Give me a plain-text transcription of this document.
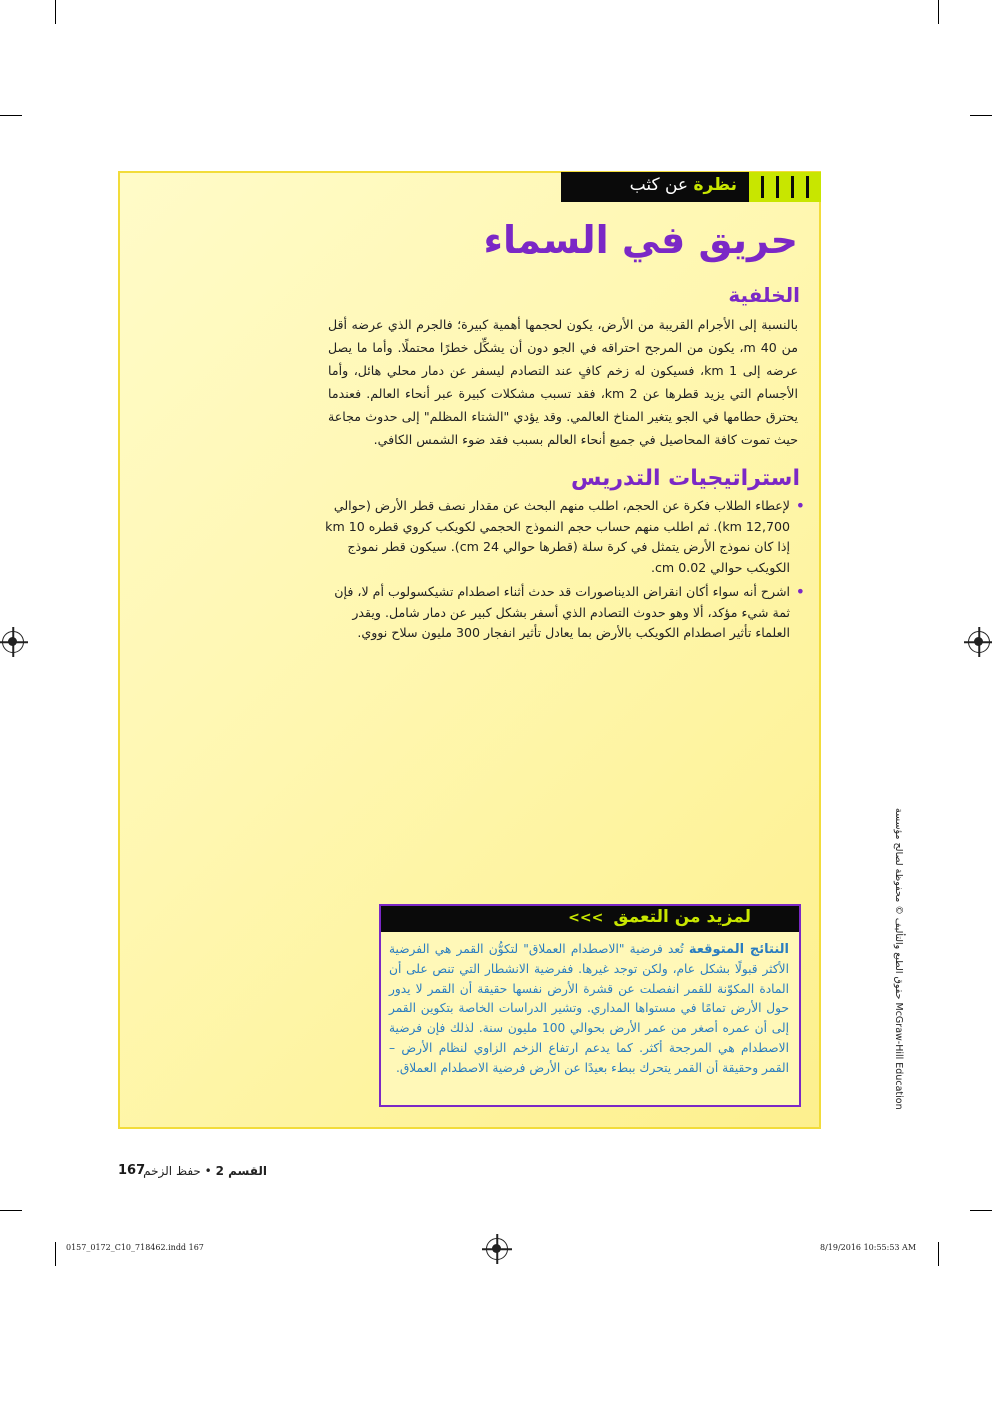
نظرة عن كثب
حريق في السماء
الخلفية
بالنسبة إلى الأجرام القريبة من الأرض، يكون لحجمها أهمية كبيرة؛ فالجرم الذي عرضه أقل من 40 m، يكون من المرجح احتراقه في الجو دون أن يشكِّل خطرًا محتملًا. وأما ما يصل عرضه إلى 1 km، فسيكون له زخم كافٍ عند التصادم ليسفر عن دمار محلي هائل، وأما الأجسام التي يزيد قطرها عن 2 km، فقد تسبب مشكلات كبيرة عبر أنحاء العالم. فعندما يحترق حطامها في الجو يتغير المناخ العالمي. وقد يؤدي "الشتاء المظلم" إلى حدوث مجاعة حيث تموت كافة المحاصيل في جميع أنحاء العالم بسبب فقد ضوء الشمس الكافي.
استراتيجيات التدريس
• لإعطاء الطلاب فكرة عن الحجم، اطلب منهم البحث عن مقدار نصف قطر الأرض (حوالي 12,700 km). ثم اطلب منهم حساب حجم النموذج الحجمي لكويكب كروي قطره 10 km إذا كان نموذج الأرض يتمثل في كرة سلة (قطرها حوالي 24 cm). سيكون قطر نموذج الكويكب حوالي 0.02 cm.
• اشرح أنه سواء أكان انقراض الديناصورات قد حدث أثناء اصطدام تشيكسولوب أم لا، فإن ثمة شيء مؤكد، ألا وهو حدوث التصادم الذي أسفر بشكل كبير عن دمار شامل. ويقدر العلماء تأثير اصطدام الكويكب بالأرض بما يعادل تأثير انفجار 300 مليون سلاح نووي.
لمزيد من التعمق>>>
النتائج المتوقعة تُعد فرضية "الاصطدام العملاق" لتكوُّن القمر هي الفرضية الأكثر قبولًا بشكل عام، ولكن توجد غيرها. ففرضية الانشطار التي تنص على أن المادة المكوّنة للقمر انفصلت عن قشرة الأرض نفسها حقيقة أن القمر لا يدور حول الأرض تمامًا في مستواها المداري. وتشير الدراسات الخاصة بتكوين القمر إلى أن عمره أصغر من عمر الأرض بحوالي 100 مليون سنة. لذلك فإن فرضية الاصطدام هي المرجحة أكثر. كما يدعم ارتفاع الزخم الزاوي لنظام الأرض – القمر وحقيقة أن القمر يتحرك ببطء بعيدًا عن الأرض فرضية الاصطدام العملاق.
حقوق الطبع والتأليف © محفوظة لصالح مؤسسة McGraw-Hill Education
القسم 2 • حفظ الزخم
167
0157_0172_C10_718462.indd 167	8/19/2016 10:55:53 AM
